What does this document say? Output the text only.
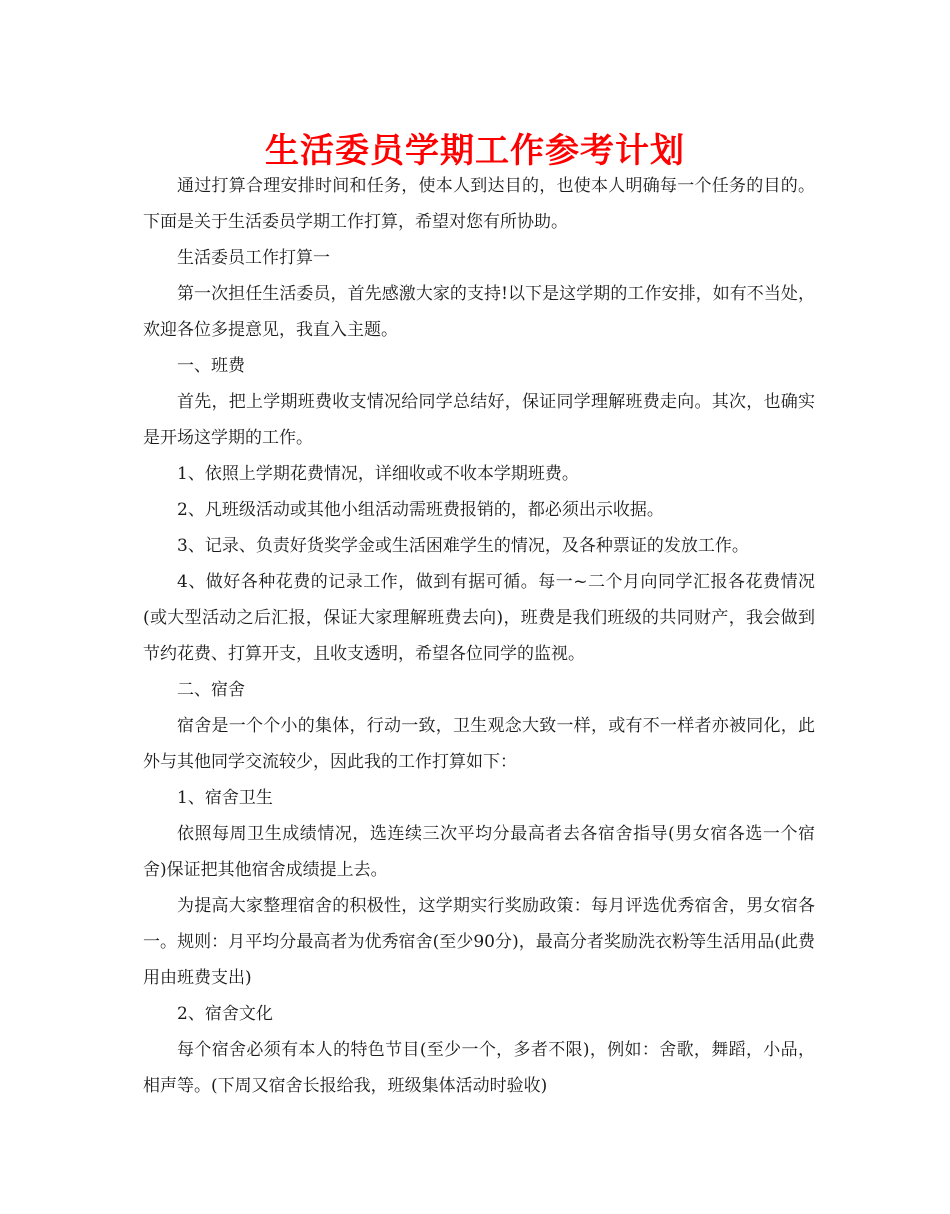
生活委员学期工作参考计划

通过打算合理安排时间和任务，使本人到达目的，也使本人明确每一个任务的目的。下面是关于生活委员学期工作打算，希望对您有所协助。

生活委员工作打算一

第一次担任生活委员，首先感激大家的支持!以下是这学期的工作安排，如有不当处，欢迎各位多提意见，我直入主题。

一、班费

首先，把上学期班费收支情况给同学总结好，保证同学理解班费走向。其次，也确实是开场这学期的工作。

1、依照上学期花费情况，详细收或不收本学期班费。

2、凡班级活动或其他小组活动需班费报销的，都必须出示收据。

3、记录、负责好货奖学金或生活困难学生的情况，及各种票证的发放工作。

4、做好各种花费的记录工作，做到有据可循。每一~二个月向同学汇报各花费情况(或大型活动之后汇报，保证大家理解班费去向)，班费是我们班级的共同财产，我会做到节约花费、打算开支，且收支透明，希望各位同学的监视。

二、宿舍

宿舍是一个个小的集体，行动一致，卫生观念大致一样，或有不一样者亦被同化，此外与其他同学交流较少，因此我的工作打算如下：

1、宿舍卫生

依照每周卫生成绩情况，选连续三次平均分最高者去各宿舍指导(男女宿各选一个宿舍)保证把其他宿舍成绩提上去。

为提高大家整理宿舍的积极性，这学期实行奖励政策：每月评选优秀宿舍，男女宿各一。规则：月平均分最高者为优秀宿舍(至少90分)，最高分者奖励洗衣粉等生活用品(此费用由班费支出)

2、宿舍文化

每个宿舍必须有本人的特色节目(至少一个，多者不限)，例如：舍歌，舞蹈，小品，相声等。(下周又宿舍长报给我，班级集体活动时验收)
